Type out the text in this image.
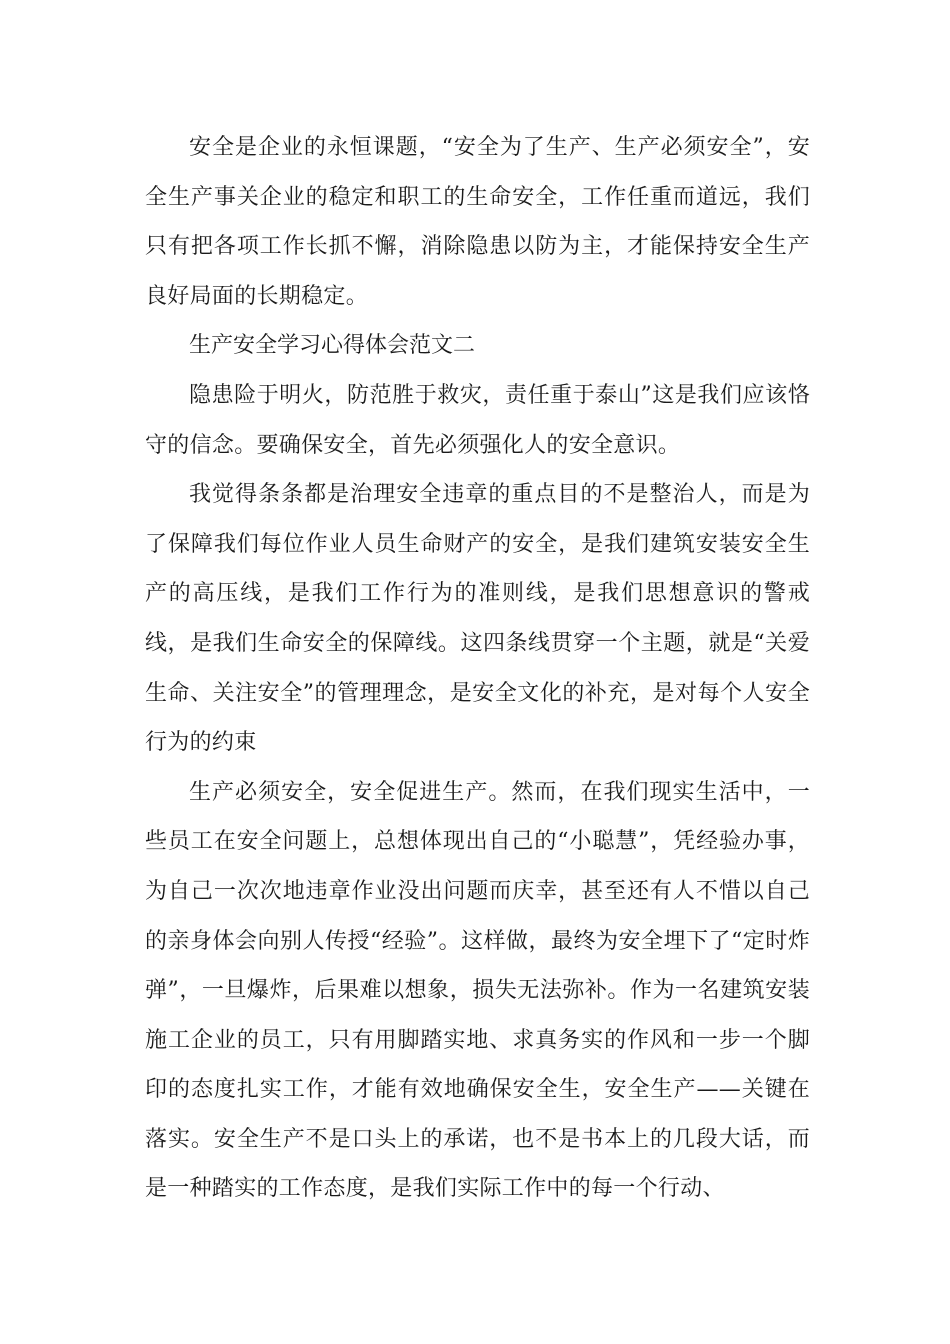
安全是企业的永恒课题，“安全为了生产、生产必须安全”，安全生产事关企业的稳定和职工的生命安全，工作任重而道远，我们只有把各项工作长抓不懈，消除隐患以防为主，才能保持安全生产良好局面的长期稳定。

生产安全学习心得体会范文二

隐患险于明火，防范胜于救灾，责任重于泰山”这是我们应该恪守的信念。要确保安全，首先必须强化人的安全意识。

我觉得条条都是治理安全违章的重点目的不是整治人，而是为了保障我们每位作业人员生命财产的安全，是我们建筑安装安全生产的高压线，是我们工作行为的准则线，是我们思想意识的警戒线，是我们生命安全的保障线。这四条线贯穿一个主题，就是“关爱生命、关注安全”的管理理念，是安全文化的补充，是对每个人安全行为的约束

生产必须安全，安全促进生产。然而，在我们现实生活中，一些员工在安全问题上，总想体现出自己的“小聪慧”，凭经验办事，为自己一次次地违章作业没出问题而庆幸，甚至还有人不惜以自己的亲身体会向别人传授“经验”。这样做，最终为安全埋下了“定时炸弹”，一旦爆炸，后果难以想象，损失无法弥补。作为一名建筑安装施工企业的员工，只有用脚踏实地、求真务实的作风和一步一个脚印的态度扎实工作，才能有效地确保安全生，安全生产——关键在落实。安全生产不是口头上的承诺，也不是书本上的几段大话，而是一种踏实的工作态度，是我们实际工作中的每一个行动、
